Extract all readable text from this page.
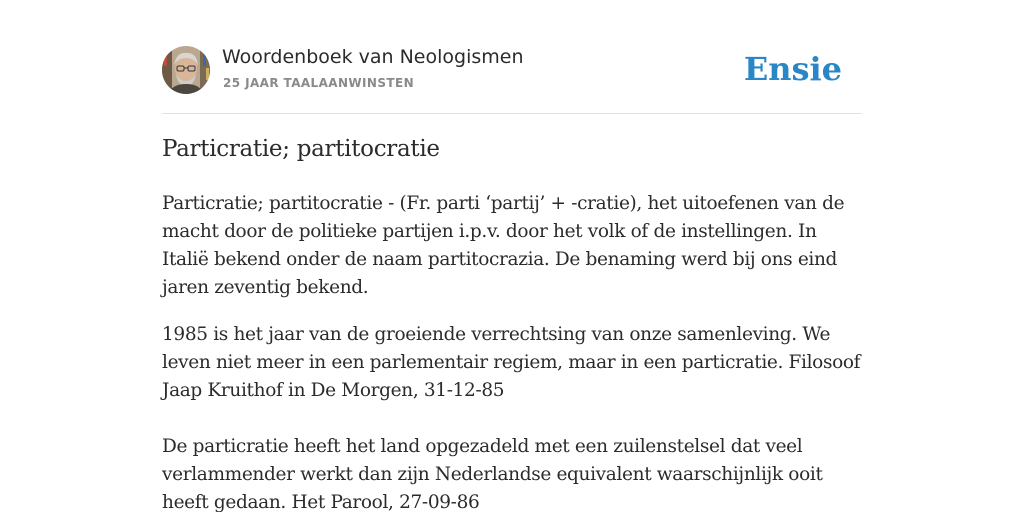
Woordenboek van Neologismen
25 JAAR TAALAANWINSTEN	Ensie
Particratie; partitocratie

Particratie; partitocratie - (Fr. parti ‘partij’ + -cratie), het uitoefenen van de macht door de politieke partijen i.p.v. door het volk of de instellingen. In Italië bekend onder de naam partitocrazia. De benaming werd bij ons eind jaren zeventig bekend.

1985 is het jaar van de groeiende verrechtsing van onze samenleving. We leven niet meer in een parlementair regiem, maar in een particratie. Filosoof Jaap Kruithof in De Morgen, 31-12-85

De particratie heeft het land opgezadeld met een zuilenstelsel dat veel verlammender werkt dan zijn Nederlandse equivalent waarschijnlijk ooit heeft gedaan. Het Parool, 27-09-86
